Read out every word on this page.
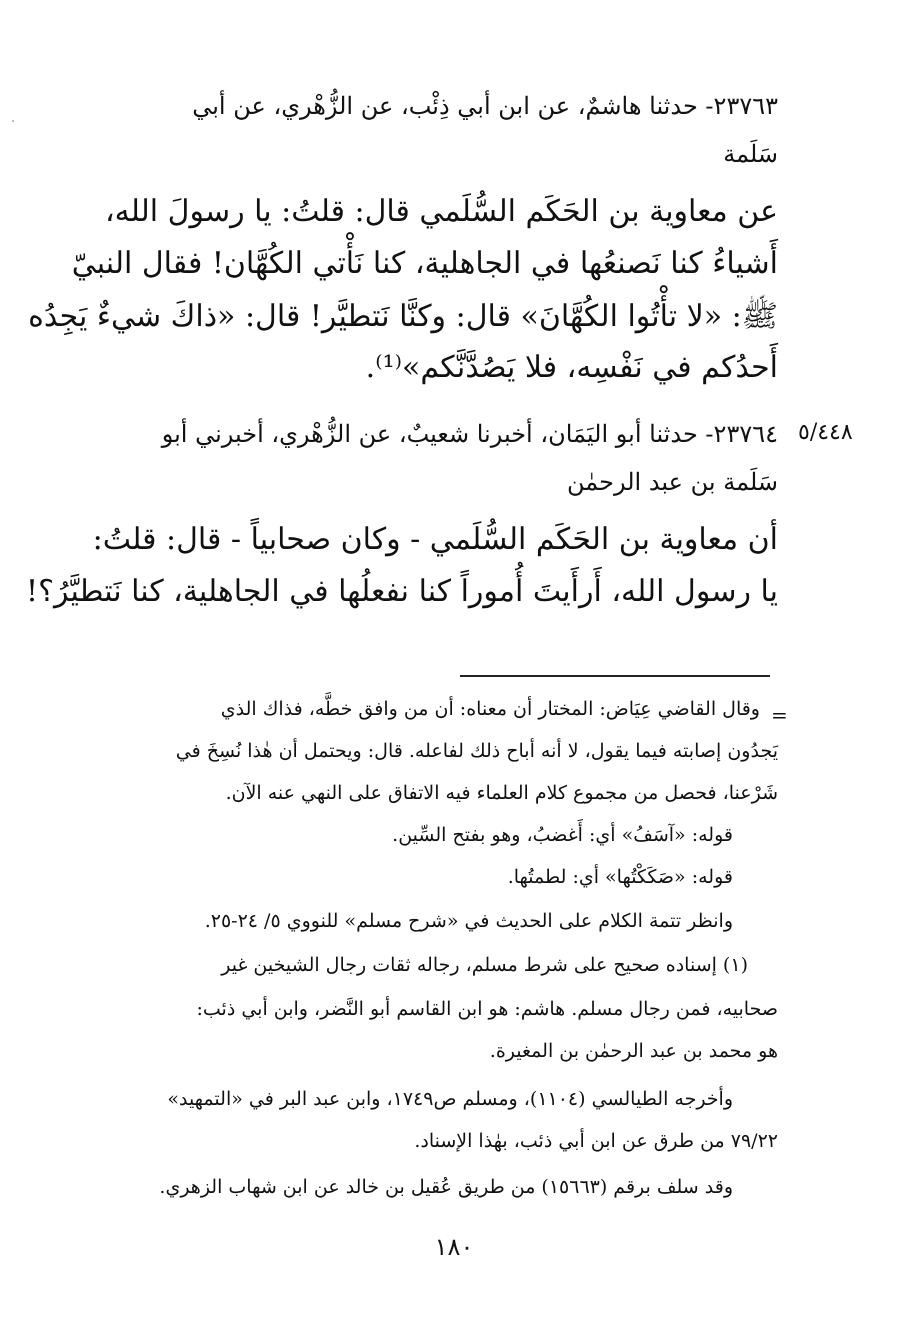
٢٣٧٦٣- حدثنا هاشمٌ، عن ابن أبي ذِئْب، عن الزُّهْري، عن أبي
سَلَمة
عن معاوية بن الحَكَم السُّلَمي قال: قلتُ: يا رسولَ الله،
أَشياءُ كنا نَصنعُها في الجاهلية، كنا نَأْتي الكُهَّان! فقال النبيّ
ﷺ: «لا تأْتُوا الكُهَّانَ» قال: وكنَّا نَتطيَّر! قال: «ذاكَ شيءٌ يَجِدُه
أَحدُكم في نَفْسِه، فلا يَصُدَّنَّكم»⁽¹⁾.
٥/٤٤٨
٢٣٧٦٤- حدثنا أبو اليَمَان، أخبرنا شعيبٌ، عن الزُّهْري، أخبرني أبو
سَلَمة بن عبد الرحمٰن
أن معاوية بن الحَكَم السُّلَمي - وكان صحابياً - قال: قلتُ:
يا رسول الله، أَرأَيتَ أُموراً كنا نفعلُها في الجاهلية، كنا نَتطيَّرُ؟!
=
وقال القاضي عِيَاض: المختار أن معناه: أن من وافق خطَّه، فذاك الذي
يَجدُون إصابته فيما يقول، لا أنه أباح ذلك لفاعله. قال: ويحتمل أن هٰذا نُسِخَ في
شَرْعنا، فحصل من مجموع كلام العلماء فيه الاتفاق على النهي عنه الآن.
قوله: «آسَفُ» أي: أَغضبُ، وهو بفتح السِّين.
قوله: «صَكَكْتُها» أي: لطمتُها.
وانظر تتمة الكلام على الحديث في «شرح مسلم» للنووي ٥/ ٢٤-٢٥.
(١) إسناده صحيح على شرط مسلم، رجاله ثقات رجال الشيخين غير
صحابيه، فمن رجال مسلم. هاشم: هو ابن القاسم أبو النَّضر، وابن أبي ذئب:
هو محمد بن عبد الرحمٰن بن المغيرة.
وأخرجه الطيالسي (١١٠٤)، ومسلم ص١٧٤٩، وابن عبد البر في «التمهيد»
٧٩/٢٢ من طرق عن ابن أبي ذئب، بهٰذا الإسناد.
وقد سلف برقم (١٥٦٦٣) من طريق عُقيل بن خالد عن ابن شهاب الزهري.
١٨٠
